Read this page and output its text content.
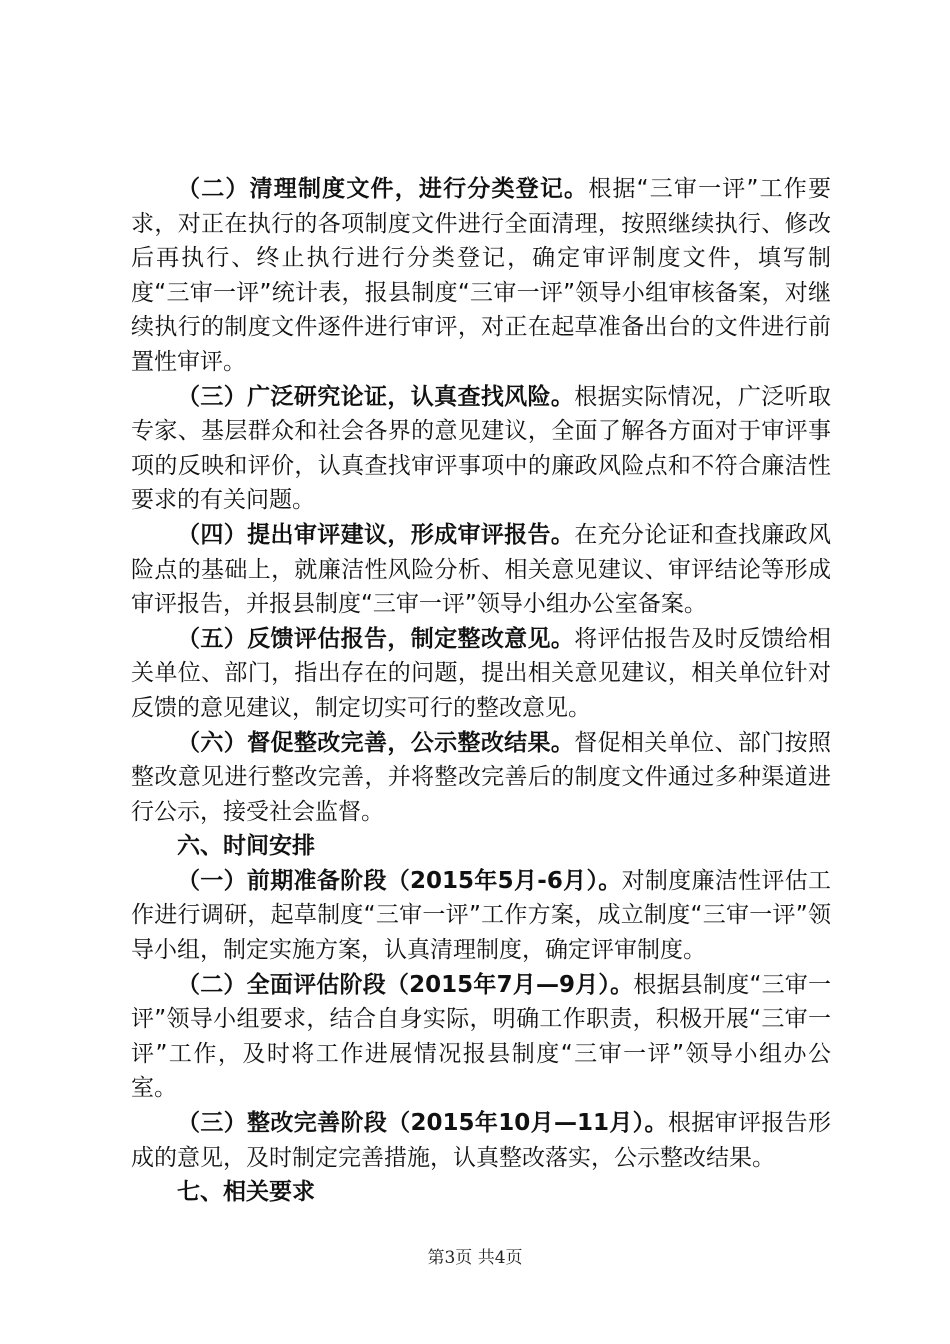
（二）清理制度文件，进行分类登记。根据“三审一评”工作要求，对正在执行的各项制度文件进行全面清理，按照继续执行、修改后再执行、终止执行进行分类登记，确定审评制度文件，填写制度“三审一评”统计表，报县制度“三审一评”领导小组审核备案，对继续执行的制度文件逐件进行审评，对正在起草准备出台的文件进行前置性审评。

（三）广泛研究论证，认真查找风险。根据实际情况，广泛听取专家、基层群众和社会各界的意见建议，全面了解各方面对于审评事项的反映和评价，认真查找审评事项中的廉政风险点和不符合廉洁性要求的有关问题。

（四）提出审评建议，形成审评报告。在充分论证和查找廉政风险点的基础上，就廉洁性风险分析、相关意见建议、审评结论等形成审评报告，并报县制度“三审一评”领导小组办公室备案。

（五）反馈评估报告，制定整改意见。将评估报告及时反馈给相关单位、部门，指出存在的问题，提出相关意见建议，相关单位针对反馈的意见建议，制定切实可行的整改意见。

（六）督促整改完善，公示整改结果。督促相关单位、部门按照整改意见进行整改完善，并将整改完善后的制度文件通过多种渠道进行公示，接受社会监督。

六、时间安排

（一）前期准备阶段（2015年5月-6月）。对制度廉洁性评估工作进行调研，起草制度“三审一评”工作方案，成立制度“三审一评”领导小组，制定实施方案，认真清理制度，确定评审制度。

（二）全面评估阶段（2015年7月—9月）。根据县制度“三审一评”领导小组要求，结合自身实际，明确工作职责，积极开展“三审一评”工作，及时将工作进展情况报县制度“三审一评”领导小组办公室。

（三）整改完善阶段（2015年10月—11月）。根据审评报告形成的意见，及时制定完善措施，认真整改落实，公示整改结果。

七、相关要求

第3页 共4页
